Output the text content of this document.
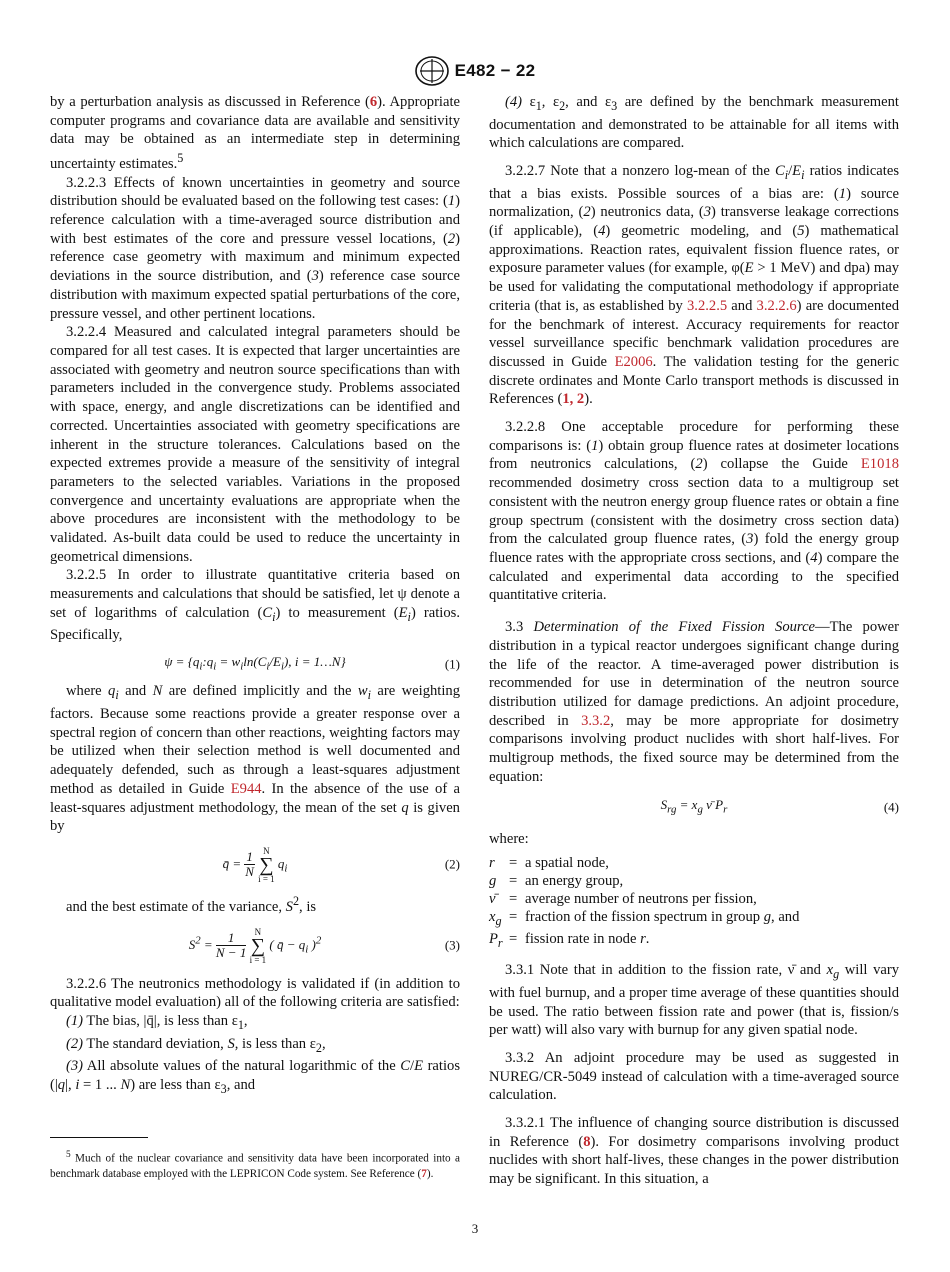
E482 − 22

by a perturbation analysis as discussed in Reference (6). Appropriate computer programs and covariance data are available and sensitivity data may be obtained as an intermediate step in determining uncertainty estimates.$^5$

3.2.2.3 Effects of known uncertainties in geometry and source distribution should be evaluated based on the following test cases: (1) reference calculation with a time-averaged source distribution and with best estimates of the core and pressure vessel locations, (2) reference case geometry with maximum and minimum expected deviations in the source distribution, and (3) reference case source distribution with maximum expected spatial perturbations of the core, pressure vessel, and other pertinent locations.

3.2.2.4 Measured and calculated integral parameters should be compared for all test cases. It is expected that larger uncertainties are associated with geometry and neutron source specifications than with parameters included in the convergence study. Problems associated with space, energy, and angle discretizations can be identified and corrected. Uncertainties associated with geometry specifications are inherent in the structure tolerances. Calculations based on the expected extremes provide a measure of the sensitivity of integral parameters to the selected variables. Variations in the proposed convergence and uncertainty evaluations are appropriate when the above procedures are inconsistent with the methodology to be validated. As-built data could be used to reduce the uncertainty in geometrical dimensions.

3.2.2.5 In order to illustrate quantitative criteria based on measurements and calculations that should be satisfied, let ψ denote a set of logarithms of calculation $(C_i)$ to measurement $(E_i)$ ratios. Specifically,

$\psi = \{q_i:q_i = w_i\ln(C_i/E_i)$, i = 1…N}	(1)

where $q_i$ and N are defined implicitly and the $w_i$ are weighting factors. Because some reactions provide a greater response over a spectral region of concern than other reactions, weighting factors may be utilized when their selection method is well documented and adequately defended, such as through a least-squares adjustment method as detailed in Guide E944. In the absence of the use of a least-squares adjustment methodology, the mean of the set q is given by

q̄ = $\frac{1}{N}$
N
∑
i = 1
$q_i$	(2)

and the best estimate of the variance, $S^2$, is

$S^2 = \frac{1}{N - 1}$
N
∑
i = 1
( q̄ − $q_i$ )$^2$	(3)

3.2.2.6 The neutronics methodology is validated if (in addition to qualitative model evaluation) all of the following criteria are satisfied:

(1) The bias, |q̄|, is less than $\varepsilon_1$,

(2) The standard deviation, S, is less than $\varepsilon_2$,

(3) All absolute values of the natural logarithmic of the C/E ratios (|q|, i = 1 ... N) are less than $\varepsilon_3$, and

(4) $\varepsilon_1$, $\varepsilon_2$, and $\varepsilon_3$ are defined by the benchmark measurement documentation and demonstrated to be attainable for all items with which calculations are compared.

3.2.2.7 Note that a nonzero log-mean of the $C_i/E_i$ ratios indicates that a bias exists. Possible sources of a bias are: (1) source normalization, (2) neutronics data, (3) transverse leakage corrections (if applicable), (4) geometric modeling, and (5) mathematical approximations. Reaction rates, equivalent fission fluence rates, or exposure parameter values (for example, φ(E > 1 MeV) and dpa) may be used for validating the computational methodology if appropriate criteria (that is, as established by 3.2.2.5 and 3.2.2.6) are documented for the benchmark of interest. Accuracy requirements for reactor vessel surveillance specific benchmark validation procedures are discussed in Guide E2006. The validation testing for the generic discrete ordinates and Monte Carlo transport methods is discussed in References (1, 2).

3.2.2.8 One acceptable procedure for performing these comparisons is: (1) obtain group fluence rates at dosimeter locations from neutronics calculations, (2) collapse the Guide E1018 recommended dosimetry cross section data to a multigroup set consistent with the neutron energy group fluence rates or obtain a fine group spectrum (consistent with the dosimetry cross section data) from the calculated group fluence rates, (3) fold the energy group fluence rates with the appropriate cross sections, and (4) compare the calculated and experimental data according to the specified quantitative criteria.

3.3 Determination of the Fixed Fission Source—The power distribution in a typical reactor undergoes significant change during the life of the reactor. A time-averaged power distribution is recommended for use in determination of the neutron source distribution utilized for damage predictions. An adjoint procedure, described in 3.3.2, may be more appropriate for dosimetry comparisons involving product nuclides with short half-lives. For multigroup methods, the fixed source may be determined from the equation:

$S_{rg} = x_g$ ν̄ $P_r$	(4)

where:

r = a spatial node,
g = an energy group,
ν̄ = average number of neutrons per fission,
$x_g$ = fraction of the fission spectrum in group g, and
$P_r$ = fission rate in node r.

3.3.1 Note that in addition to the fission rate, ν̄ and $x_g$ will vary with fuel burnup, and a proper time average of these quantities should be used. The ratio between fission rate and power (that is, fission/s per watt) will also vary with burnup for any given spatial node.

3.3.2 An adjoint procedure may be used as suggested in NUREG/CR-5049 instead of calculation with a time-averaged source calculation.

3.3.2.1 The influence of changing source distribution is discussed in Reference (8). For dosimetry comparisons involving product nuclides with short half-lives, these changes in the power distribution may be significant. In this situation, a

$^5$ Much of the nuclear covariance and sensitivity data have been incorporated into a benchmark database employed with the LEPRICON Code system. See Reference (7).
3
